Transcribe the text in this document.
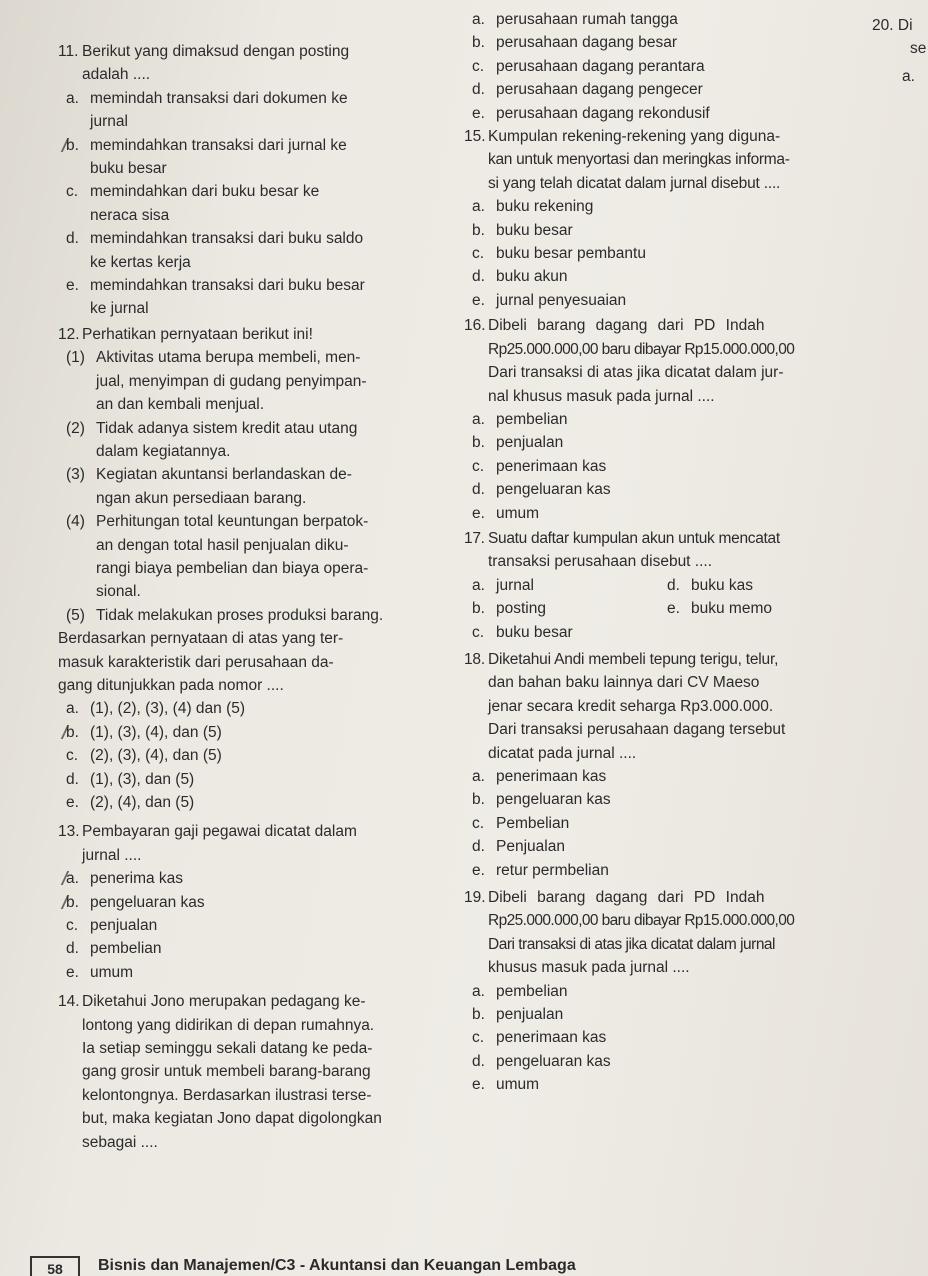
11. Berikut yang dimaksud dengan posting

adalah ....

a. memindah transaksi dari dokumen ke
jurnal
b. memindahkan transaksi dari jurnal ke
buku besar
c. memindahkan dari buku besar ke
neraca sisa
d. memindahkan transaksi dari buku saldo
ke kertas kerja
e. memindahkan transaksi dari buku besar
ke jurnal

12. Perhatikan pernyataan berikut ini!

(1) Aktivitas utama berupa membeli, men-
jual, menyimpan di gudang penyimpan-
an dan kembali menjual.
(2) Tidak adanya sistem kredit atau utang
dalam kegiatannya.
(3) Kegiatan akuntansi berlandaskan de-
ngan akun persediaan barang.
(4) Perhitungan total keuntungan berpatok-
an dengan total hasil penjualan diku-
rangi biaya pembelian dan biaya opera-
sional.
(5) Tidak melakukan proses produksi barang.

Berdasarkan pernyataan di atas yang ter-

masuk karakteristik dari perusahaan da-

gang ditunjukkan pada nomor ....

a. (1), (2), (3), (4) dan (5)
b. (1), (3), (4), dan (5)
c. (2), (3), (4), dan (5)
d. (1), (3), dan (5)
e. (2), (4), dan (5)

13. Pembayaran gaji pegawai dicatat dalam

jurnal ....

a. penerima kas
b. pengeluaran kas
c. penjualan
d. pembelian
e. umum

14. Diketahui Jono merupakan pedagang ke-

lontong yang didirikan di depan rumahnya.

Ia setiap seminggu sekali datang ke peda-

gang grosir untuk membeli barang-barang

kelontongnya. Berdasarkan ilustrasi terse-

but, maka kegiatan Jono dapat digolongkan

sebagai ....

a. perusahaan rumah tangga
b. perusahaan dagang besar
c. perusahaan dagang perantara
d. perusahaan dagang pengecer
e. perusahaan dagang rekondusif

15. Kumpulan rekening-rekening yang diguna-

kan untuk menyortasi dan meringkas informa-

si yang telah dicatat dalam jurnal disebut ....

a. buku rekening
b. buku besar
c. buku besar pembantu
d. buku akun
e. jurnal penyesuaian

16. Dibeli barang dagang dari PD Indah

Rp25.000.000,00 baru dibayar Rp15.000.000,00

Dari transaksi di atas jika dicatat dalam jur-

nal khusus masuk pada jurnal ....

a. pembelian
b. penjualan
c. penerimaan kas
d. pengeluaran kas
e. umum

17. Suatu daftar kumpulan akun untuk mencatat

transaksi perusahaan disebut ....

a. jurnal	d. buku kas
b. posting	e. buku memo
c. buku besar

18. Diketahui Andi membeli tepung terigu, telur,

dan bahan baku lainnya dari CV Maeso

jenar secara kredit seharga Rp3.000.000.

Dari transaksi perusahaan dagang tersebut

dicatat pada jurnal ....

a. penerimaan kas
b. pengeluaran kas
c. Pembelian
d. Penjualan
e. retur permbelian

19. Dibeli barang dagang dari PD Indah

Rp25.000.000,00 baru dibayar Rp15.000.000,00

Dari transaksi di atas jika dicatat dalam jurnal

khusus masuk pada jurnal ....

a. pembelian
b. penjualan
c. penerimaan kas
d. pengeluaran kas
e. umum
20. Di
se
a.
58	Bisnis dan Manajemen/C3 - Akuntansi dan Keuangan Lembaga
